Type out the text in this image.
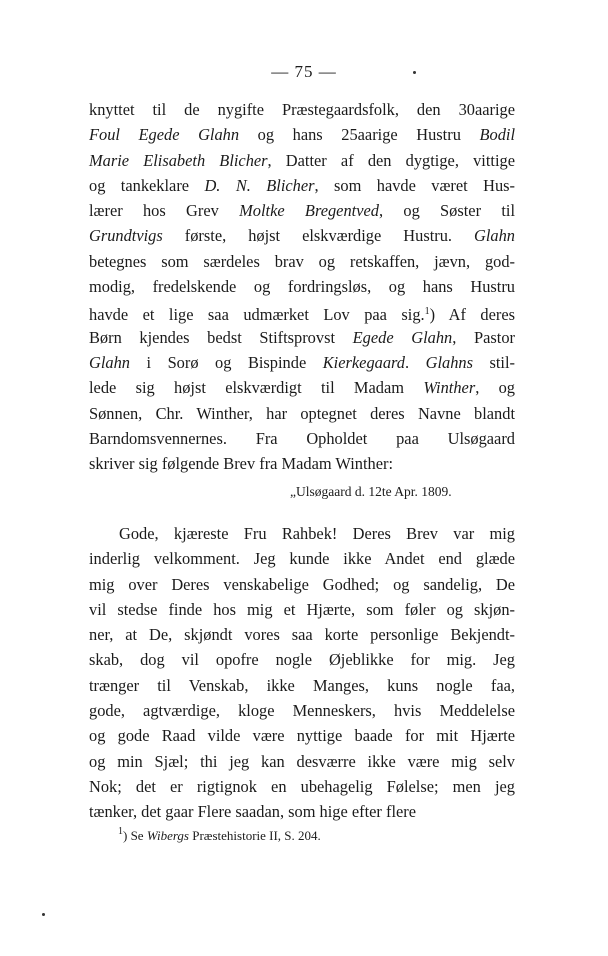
— 75 —
knyttet til de nygifte Præstegaardsfolk, den 30aarige
Foul Egede Glahn og hans 25aarige Hustru Bodil
Marie Elisabeth Blicher, Datter af den dygtige, vittige
og tankeklare D. N. Blicher, som havde været Hus-
lærer hos Grev Moltke Bregentved, og Søster til
Grundtvigs første, højst elskværdige Hustru. Glahn
betegnes som særdeles brav og retskaffen, jævn, god-
modig, fredelskende og fordringsløs, og hans Hustru
havde et lige saa udmærket Lov paa sig.$^1$) Af deres
Børn kjendes bedst Stiftsprovst Egede Glahn, Pastor
Glahn i Sorø og Bispinde Kierkegaard. Glahns stil-
lede sig højst elskværdigt til Madam Winther, og
Sønnen, Chr. Winther, har optegnet deres Navne blandt
Barndomsvennernes. Fra Opholdet paa Ulsøgaard
skriver sig følgende Brev fra Madam Winther:
„Ulsøgaard d. 12te Apr. 1809.
Gode, kjæreste Fru Rahbek! Deres Brev var mig
inderlig velkomment. Jeg kunde ikke Andet end glæde
mig over Deres venskabelige Godhed; og sandelig, De
vil stedse finde hos mig et Hjærte, som føler og skjøn-
ner, at De, skjøndt vores saa korte personlige Bekjendt-
skab, dog vil opofre nogle Øjeblikke for mig. Jeg
trænger til Venskab, ikke Manges, kuns nogle faa,
gode, agtværdige, kloge Menneskers, hvis Meddelelse
og gode Raad vilde være nyttige baade for mit Hjærte
og min Sjæl; thi jeg kan desværre ikke være mig selv
Nok; det er rigtignok en ubehagelig Følelse; men jeg
tænker, det gaar Flere saadan, som hige efter flere
$^1$) Se Wibergs Præstehistorie II, S. 204.
